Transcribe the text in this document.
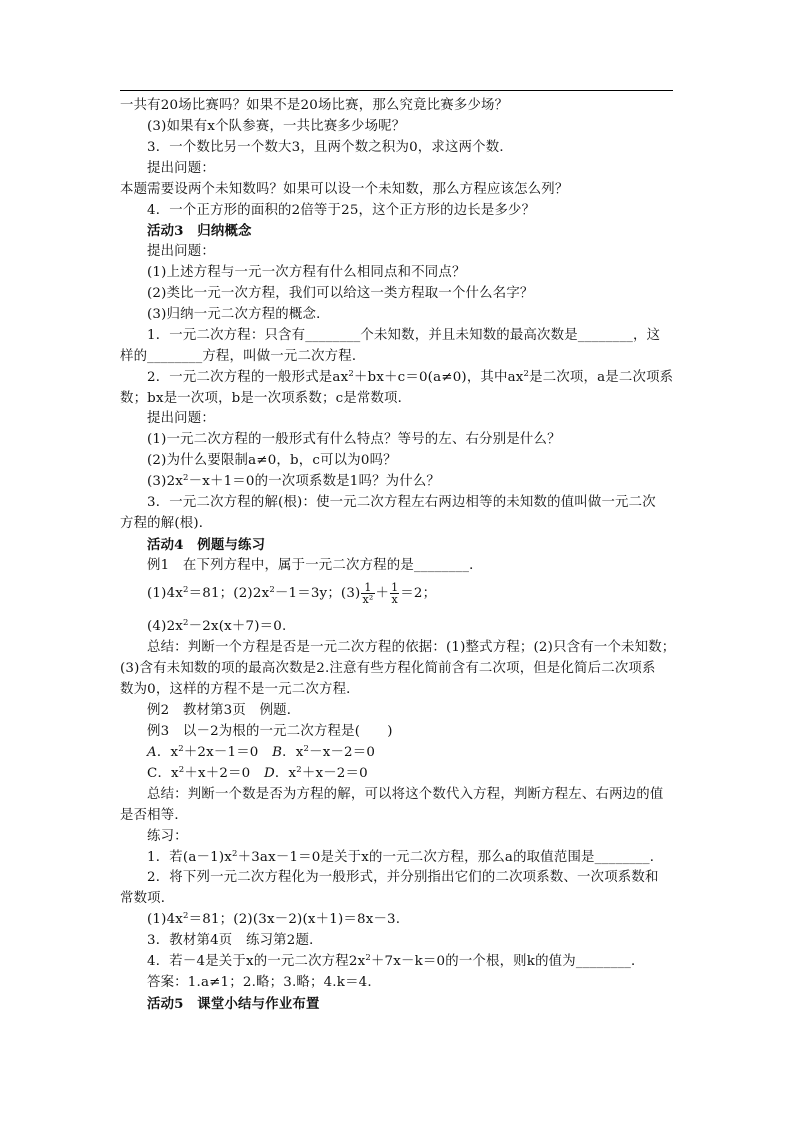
一共有20场比赛吗？如果不是20场比赛，那么究竟比赛多少场？
(3)如果有x个队参赛，一共比赛多少场呢？
3．一个数比另一个数大3，且两个数之积为0，求这两个数．
提出问题：
本题需要设两个未知数吗？如果可以设一个未知数，那么方程应该怎么列？
4．一个正方形的面积的2倍等于25，这个正方形的边长是多少？
活动3　归纳概念
提出问题：
(1)上述方程与一元一次方程有什么相同点和不同点？
(2)类比一元一次方程，我们可以给这一类方程取一个什么名字？
(3)归纳一元二次方程的概念．
1．一元二次方程：只含有________个未知数，并且未知数的最高次数是________，这
样的________方程，叫做一元二次方程．
2．一元二次方程的一般形式是$ax^2+bx+c=0(a\ne 0)$，其中$ax^2$是二次项，a是二次项系
数；bx是一次项，b是一次项系数；c是常数项．
提出问题：
(1)一元二次方程的一般形式有什么特点？等号的左、右分别是什么？
(2)为什么要限制a≠0，b，c可以为0吗？
$(3)2x^2-x+1=0$的一次项系数是1吗？为什么？
3．一元二次方程的解(根)：使一元二次方程左右两边相等的未知数的值叫做一元二次
方程的解(根)．
活动4　例题与练习
例1　在下列方程中，属于一元二次方程的是________．
$(1)4x^2=81$；$(2)2x^2-1=3y$；$(3) \frac{1}{\text{x²}} + \frac{1}{x} =2$；
$(4)2x^2-2x(x+7)=0$.
总结：判断一个方程是否是一元二次方程的依据：(1)整式方程；(2)只含有一个未知数；
(3)含有未知数的项的最高次数是2.注意有些方程化简前含有二次项，但是化简后二次项系
数为0，这样的方程不是一元二次方程．
例2　教材第3页　例题．
例3　以－2为根的一元二次方程是(　　)
A．$x^2+2x-1=0$　B．$x^2-x-2=0$
C．$x^2+x+2=0$　D．$x^2+x-2=0$
总结：判断一个数是否为方程的解，可以将这个数代入方程，判断方程左、右两边的值
是否相等．
练习：
1．若$(a-1)x^2+3ax-1=0$是关于x的一元二次方程，那么a的取值范围是________．
2．将下列一元二次方程化为一般形式，并分别指出它们的二次项系数、一次项系数和
常数项．
$(1)4x^2=81$；(2)(3x－2)(x＋1)＝8x－3.
3．教材第4页　练习第2题．
4．若－4是关于x的一元二次方程$2x^2+7x-k=0$的一个根，则k的值为________．
答案：1.a≠1；2.略；3.略；4.k＝4.
活动5　课堂小结与作业布置
